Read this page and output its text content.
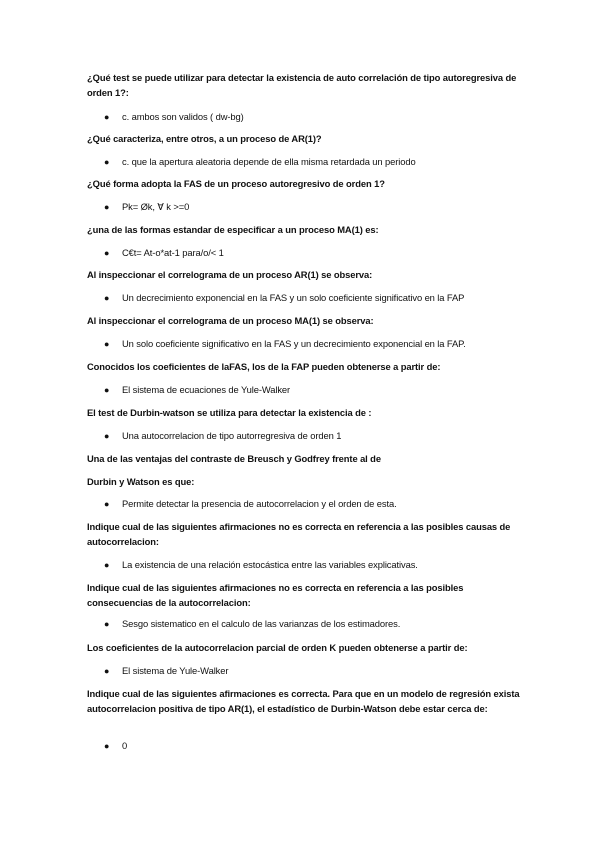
¿Qué test se puede utilizar para detectar la existencia de auto correlación de tipo autoregresiva de orden 1?:

● c. ambos son validos ( dw-bg)

¿Qué caracteriza, entre otros, a un proceso de AR(1)?

● c. que la apertura aleatoria depende de ella misma retardada un periodo

¿Qué forma adopta la FAS de un proceso autoregresivo de orden 1?

● Pk= Øk, Ɐ k >=0

¿una de las formas estandar de especificar a un proceso MA(1) es:

● C€t= At-o*at-1 para/o/< 1

Al inspeccionar el correlograma de un proceso AR(1) se observa:

● Un decrecimiento exponencial en la FAS y un solo coeficiente significativo en la FAP

Al inspeccionar el correlograma de un proceso MA(1) se observa:

● Un solo coeficiente significativo en la FAS y un decrecimiento exponencial en la FAP.

Conocidos los coeficientes de laFAS, los de la FAP pueden obtenerse a partir de:

● El sistema de ecuaciones de Yule-Walker

El test de Durbin-watson se utiliza para detectar la existencia de :

● Una autocorrelacion de tipo autorregresiva de orden 1

Una de las ventajas del contraste de Breusch y Godfrey frente al de

Durbin y Watson es que:

● Permite detectar la presencia de autocorrelacion y el orden de esta.

Indique cual de las siguientes afirmaciones no es correcta en referencia a las posibles causas de autocorrelacion:

● La existencia de una relación estocástica entre las variables explicativas.

Indique cual de las siguientes afirmaciones no es correcta en referencia a las posibles consecuencias de la autocorrelacion:

● Sesgo sistematico en el calculo de las varianzas de los estimadores.

Los coeficientes de la autocorrelacion parcial de orden K pueden obtenerse a partir de:

● El sistema de Yule-Walker

Indique cual de las siguientes afirmaciones es correcta. Para que en un modelo de regresión exista autocorrelacion positiva de tipo AR(1), el estadístico de Durbin-Watson debe estar cerca de:

● 0
